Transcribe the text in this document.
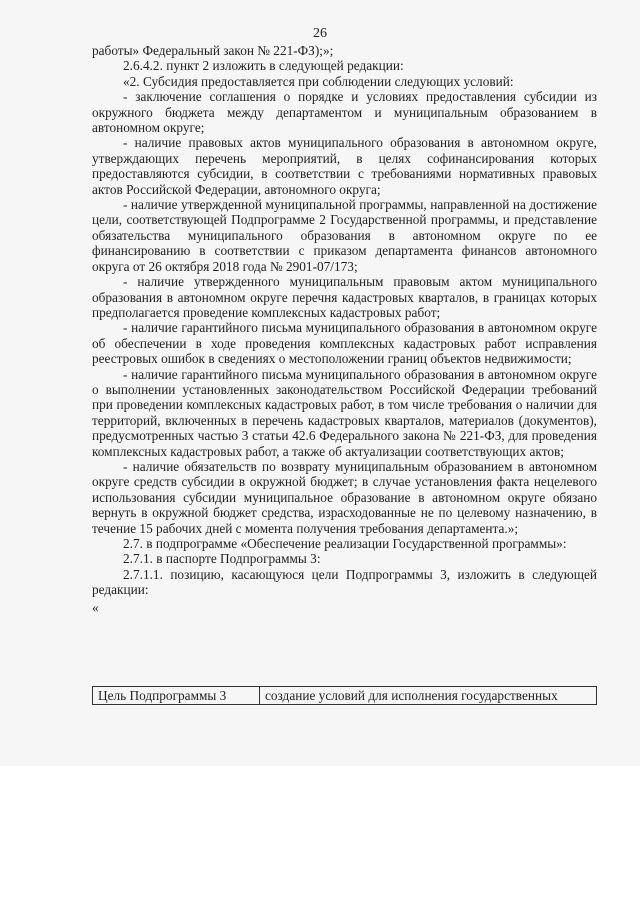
26

работы» Федеральный закон № 221-ФЗ);»;

2.6.4.2. пункт 2 изложить в следующей редакции:

«2. Субсидия предоставляется при соблюдении следующих условий:

- заключение соглашения о порядке и условиях предоставления субсидии из окружного бюджета между департаментом и муниципальным образованием в автономном округе;

- наличие правовых актов муниципального образования в автономном округе, утверждающих перечень мероприятий, в целях софинансирования которых предоставляются субсидии, в соответствии с требованиями нормативных правовых актов Российской Федерации, автономного округа;

- наличие утвержденной муниципальной программы, направленной на достижение цели, соответствующей Подпрограмме 2 Государственной программы, и представление обязательства муниципального образования в автономном округе по ее финансированию в соответствии с приказом департамента финансов автономного округа от 26 октября 2018 года № 2901-07/173;

- наличие утвержденного муниципальным правовым актом муниципального образования в автономном округе перечня кадастровых кварталов, в границах которых предполагается проведение комплексных кадастровых работ;

- наличие гарантийного письма муниципального образования в автономном округе об обеспечении в ходе проведения комплексных кадастровых работ исправления реестровых ошибок в сведениях о местоположении границ объектов недвижимости;

- наличие гарантийного письма муниципального образования в автономном округе о выполнении установленных законодательством Российской Федерации требований при проведении комплексных кадастровых работ, в том числе требования о наличии для территорий, включенных в перечень кадастровых кварталов, материалов (документов), предусмотренных частью 3 статьи 42.6 Федерального закона № 221-ФЗ, для проведения комплексных кадастровых работ, а также об актуализации соответствующих актов;

- наличие обязательств по возврату муниципальным образованием в автономном округе средств субсидии в окружной бюджет; в случае установления факта нецелевого использования субсидии муниципальное образование в автономном округе обязано вернуть в окружной бюджет средства, израсходованные не по целевому назначению, в течение 15 рабочих дней с момента получения требования департамента.»;

2.7. в подпрограмме «Обеспечение реализации Государственной программы»:

2.7.1. в паспорте Подпрограммы 3:

2.7.1.1. позицию, касающуюся цели Подпрограммы 3, изложить в следующей редакции:

«

Цель Подпрограммы 3	создание условий для исполнения государственных
